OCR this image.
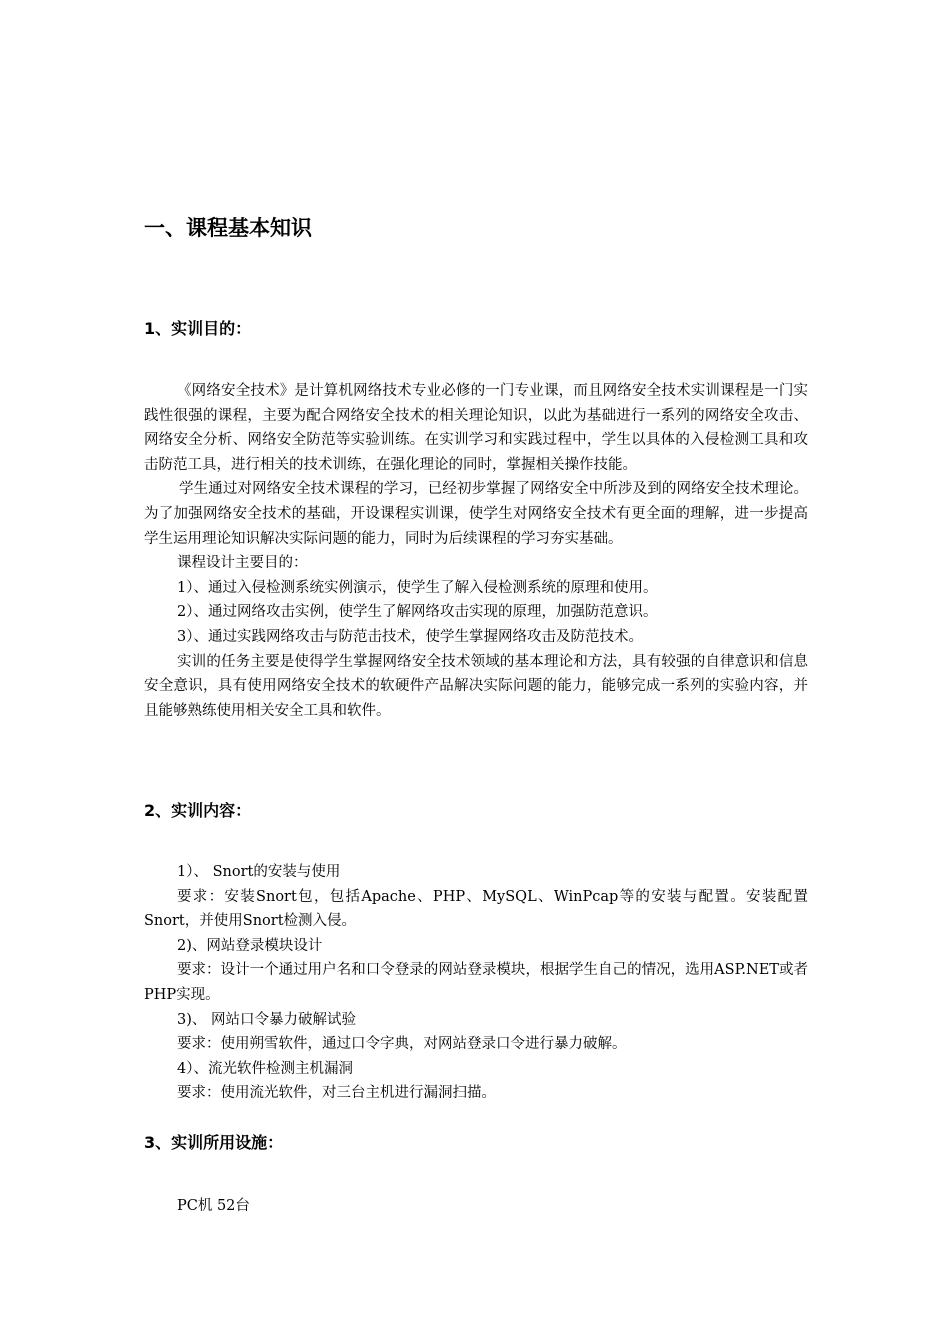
一、课程基本知识
1、实训目的：

《网络安全技术》是计算机网络技术专业必修的一门专业课，而且网络安全技术实训课程是一门实践性很强的课程，主要为配合网络安全技术的相关理论知识，以此为基础进行一系列的网络安全攻击、网络安全分析、网络安全防范等实验训练。在实训学习和实践过程中，学生以具体的入侵检测工具和攻击防范工具，进行相关的技术训练，在强化理论的同时，掌握相关操作技能。

学生通过对网络安全技术课程的学习，已经初步掌握了网络安全中所涉及到的网络安全技术理论。为了加强网络安全技术的基础，开设课程实训课，使学生对网络安全技术有更全面的理解，进一步提高学生运用理论知识解决实际问题的能力，同时为后续课程的学习夯实基础。

课程设计主要目的：

1）、通过入侵检测系统实例演示，使学生了解入侵检测系统的原理和使用。

2）、通过网络攻击实例，使学生了解网络攻击实现的原理，加强防范意识。

3）、通过实践网络攻击与防范击技术，使学生掌握网络攻击及防范技术。

实训的任务主要是使得学生掌握网络安全技术领域的基本理论和方法，具有较强的自律意识和信息安全意识，具有使用网络安全技术的软硬件产品解决实际问题的能力，能够完成一系列的实验内容，并且能够熟练使用相关安全工具和软件。

2、实训内容：

1）、 Snort的安装与使用

要求：安装Snort包，包括Apache、PHP、MySQL、WinPcap等的安装与配置。安装配置Snort，并使用Snort检测入侵。

2)、网站登录模块设计

要求：设计一个通过用户名和口令登录的网站登录模块，根据学生自己的情况，选用ASP.NET或者PHP实现。

3)、 网站口令暴力破解试验

要求：使用朔雪软件，通过口令字典，对网站登录口令进行暴力破解。

4）、流光软件检测主机漏洞

要求：使用流光软件，对三台主机进行漏洞扫描。

3、实训所用设施：

PC机 52台
